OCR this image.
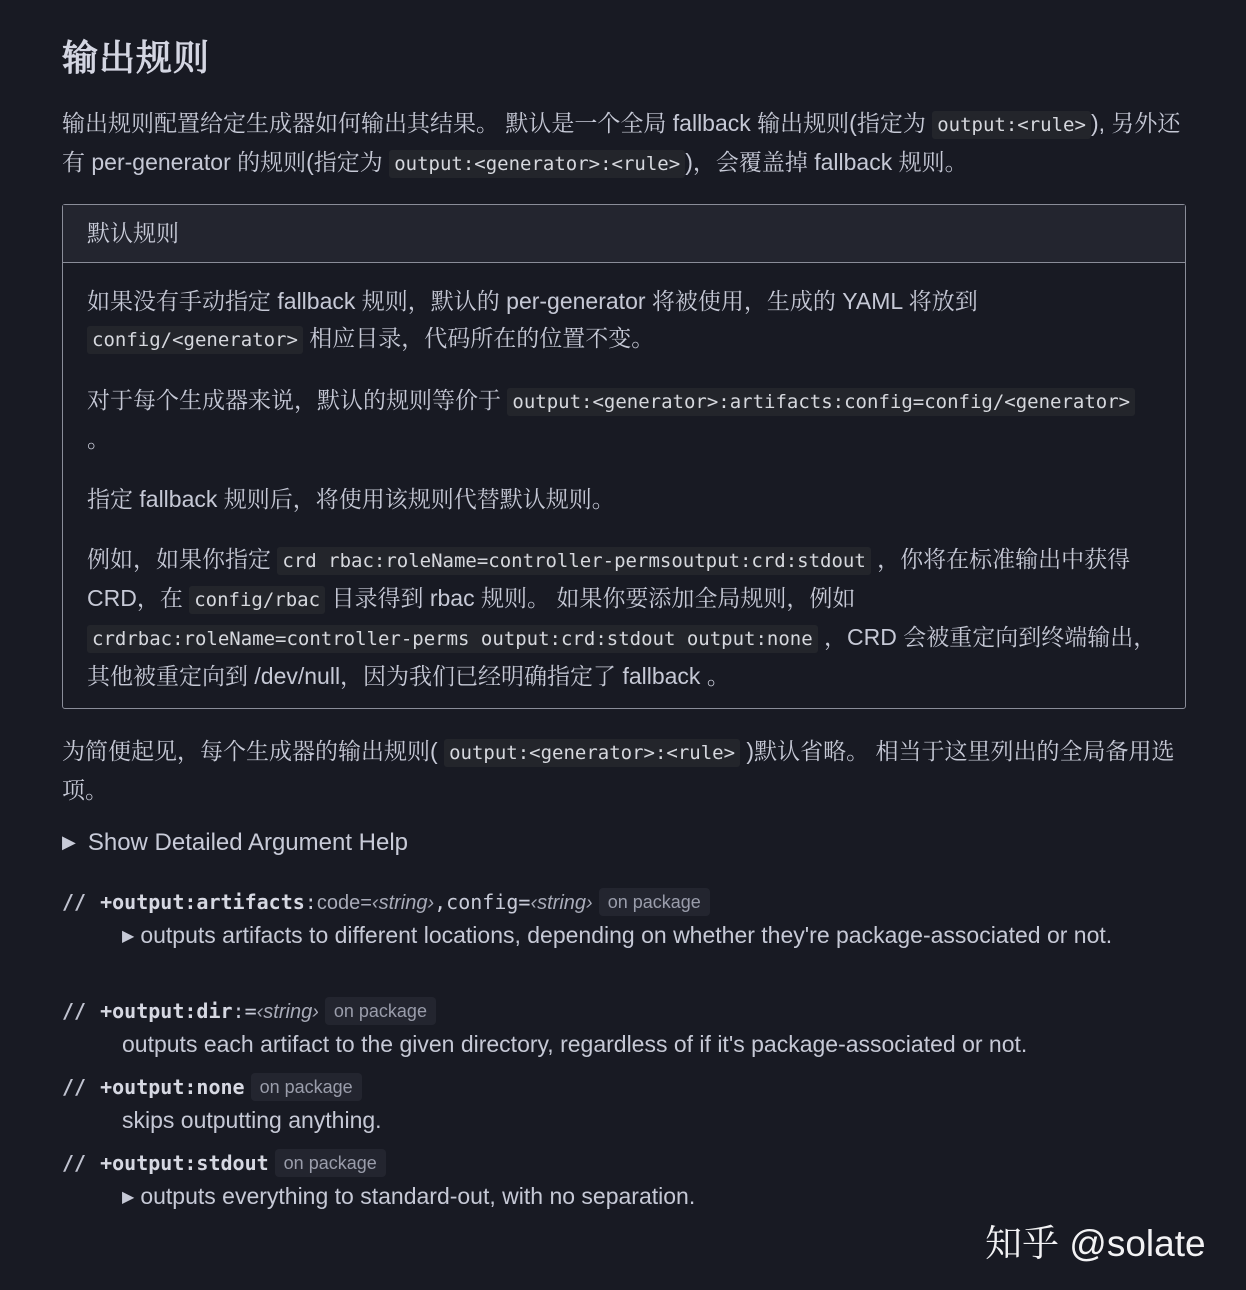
输出规则
输出规则配置给定生成器如何输出其结果。 默认是一个全局 fallback 输出规则(指定为 output:<rule> ), 另外还有 per-generator 的规则(指定为 output:<generator>:<rule> )，会覆盖掉 fallback 规则。
默认规则

如果没有手动指定 fallback 规则，默认的 per-generator 将被使用，生成的 YAML 将放到 config/<generator> 相应目录，代码所在的位置不变。

对于每个生成器来说，默认的规则等价于 output:<generator>:artifacts:config=config/<generator> 。

指定 fallback 规则后，将使用该规则代替默认规则。

例如，如果你指定 crd rbac:roleName=controller-permsoutput:crd:stdout ，你将在标准输出中获得 CRD，在 config/rbac 目录得到 rbac 规则。 如果你要添加全局规则，例如 crdrbac:roleName=controller-perms output:crd:stdout output:none ，CRD 会被重定向到终端输出，其他被重定向到 /dev/null，因为我们已经明确指定了 fallback 。

为简便起见，每个生成器的输出规则( output:<generator>:<rule> )默认省略。 相当于这里列出的全局备用选项。
▶ Show Detailed Argument Help
// +output:artifacts:code=‹string›,config=‹string› on package
▶ outputs artifacts to different locations, depending on whether they're package-associated or not.
// +output:dir:=‹string› on package
outputs each artifact to the given directory, regardless of if it's package-associated or not.
// +output:none on package
skips outputting anything.
// +output:stdout on package
▶ outputs everything to standard-out, with no separation.
知乎 @solate
